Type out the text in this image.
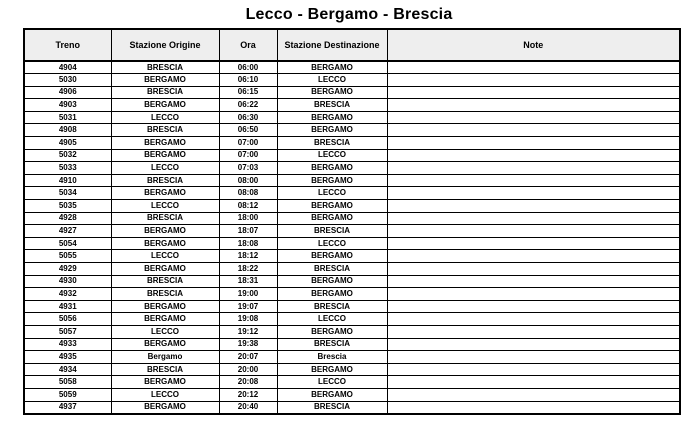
Lecco - Bergamo - Brescia
Treno	Stazione Origine	Ora	Stazione Destinazione	Note
4904	BRESCIA	06:00	BERGAMO	
5030	BERGAMO	06:10	LECCO	
4906	BRESCIA	06:15	BERGAMO	
4903	BERGAMO	06:22	BRESCIA	
5031	LECCO	06:30	BERGAMO	
4908	BRESCIA	06:50	BERGAMO	
4905	BERGAMO	07:00	BRESCIA	
5032	BERGAMO	07:00	LECCO	
5033	LECCO	07:03	BERGAMO	
4910	BRESCIA	08:00	BERGAMO	
5034	BERGAMO	08:08	LECCO	
5035	LECCO	08:12	BERGAMO	
4928	BRESCIA	18:00	BERGAMO	
4927	BERGAMO	18:07	BRESCIA	
5054	BERGAMO	18:08	LECCO	
5055	LECCO	18:12	BERGAMO	
4929	BERGAMO	18:22	BRESCIA	
4930	BRESCIA	18:31	BERGAMO	
4932	BRESCIA	19:00	BERGAMO	
4931	BERGAMO	19:07	BRESCIA	
5056	BERGAMO	19:08	LECCO	
5057	LECCO	19:12	BERGAMO	
4933	BERGAMO	19:38	BRESCIA	
4935	Bergamo	20:07	Brescia	
4934	BRESCIA	20:00	BERGAMO	
5058	BERGAMO	20:08	LECCO	
5059	LECCO	20:12	BERGAMO	
4937	BERGAMO	20:40	BRESCIA	
